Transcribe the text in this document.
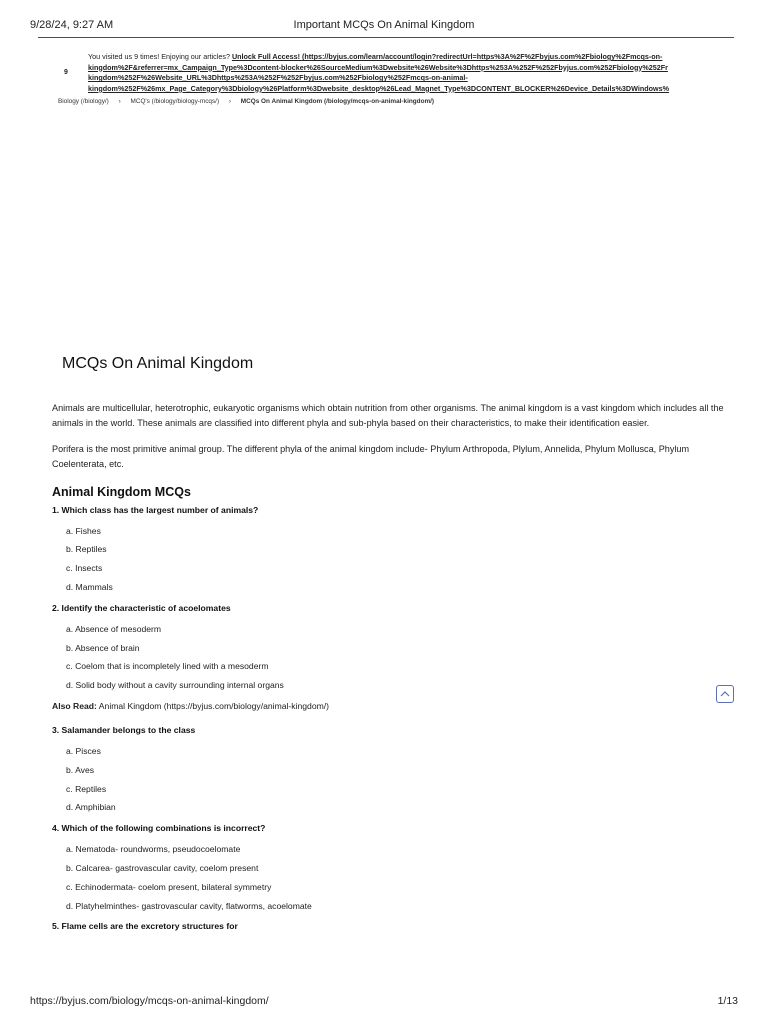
9/28/24, 9:27 AM	Important MCQs On Animal Kingdom
9
You visited us 9 times! Enjoying our articles? Unlock Full Access! (https://byjus.com/learn/account/login?redirectUrl=https%3A%2F%2Fbyjus.com%2Fbiology%2Fmcqs-on-
kingdom%2F&referrer=mx_Campaign_Type%3Dcontent-blocker%26SourceMedium%3Dwebsite%26Website%3Dhttps%253A%252F%252Fbyjus.com%252Fbiology%252Fr
kingdom%252F%26Website_URL%3Dhttps%253A%252F%252Fbyjus.com%252Fbiology%252Fmcqs-on-animal-
kingdom%252F%26mx_Page_Category%3Dbiology%26Platform%3Dwebsite_desktop%26Lead_Magnet_Type%3DCONTENT_BLOCKER%26Device_Details%3DWindows%
Biology (/biology/) › MCQ's (/biology/biology-mcqs/) › MCQs On Animal Kingdom (/biology/mcqs-on-animal-kingdom/)
MCQs On Animal Kingdom

Animals are multicellular, heterotrophic, eukaryotic organisms which obtain nutrition from other organisms. The animal kingdom is a vast kingdom which includes all the animals in the world. These animals are classified into different phyla and sub-phyla based on their characteristics, to make their identification easier.

Porifera is the most primitive animal group. The different phyla of the animal kingdom include- Phylum Arthropoda, Plylum, Annelida, Phylum Mollusca, Phylum Coelenterata, etc.

Animal Kingdom MCQs
1. Which class has the largest number of animals?
a. Fishes
b. Reptiles
c. Insects
d. Mammals
2. Identify the characteristic of acoelomates
a. Absence of mesoderm
b. Absence of brain
c. Coelom that is incompletely lined with a mesoderm
d. Solid body without a cavity surrounding internal organs
Also Read: Animal Kingdom (https://byjus.com/biology/animal-kingdom/)
3. Salamander belongs to the class
a. Pisces
b. Aves
c. Reptiles
d. Amphibian
4. Which of the following combinations is incorrect?
a. Nematoda- roundworms, pseudocoelomate
b. Calcarea- gastrovascular cavity, coelom present
c. Echinodermata- coelom present, bilateral symmetry
d. Platyhelminthes- gastrovascular cavity, flatworms, acoelomate
5. Flame cells are the excretory structures for
https://byjus.com/biology/mcqs-on-animal-kingdom/	1/13
